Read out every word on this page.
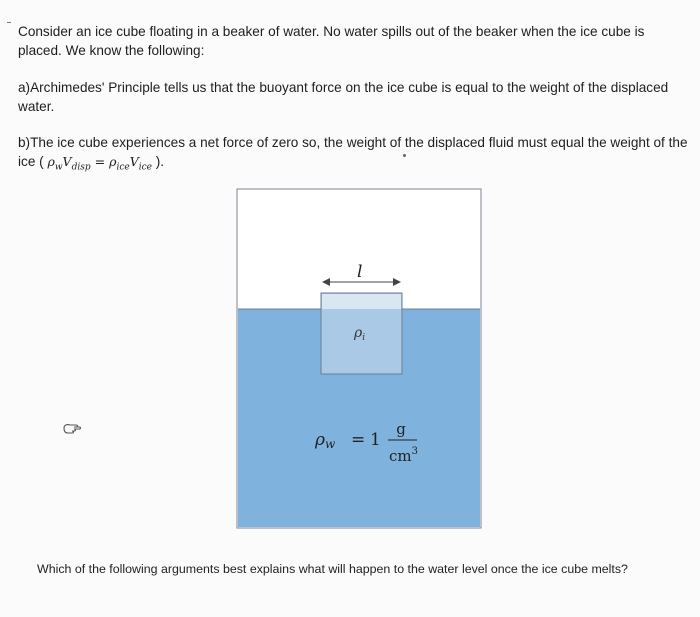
Consider an ice cube floating in a beaker of water. No water spills out of the beaker when the ice cube is placed. We know the following:
a)Archimedes' Principle tells us that the buoyant force on the ice cube is equal to the weight of the displaced water.
b)The ice cube experiences a net force of zero so, the weight of the displaced fluid must equal the weight of the ice ( $\rho_wV_{disp} = \rho_{ice}V_{ice}$ ).
l
$\rho_i$
ρw = 1
g
$cm^3$
Which of the following arguments best explains what will happen to the water level once the ice cube melts?
